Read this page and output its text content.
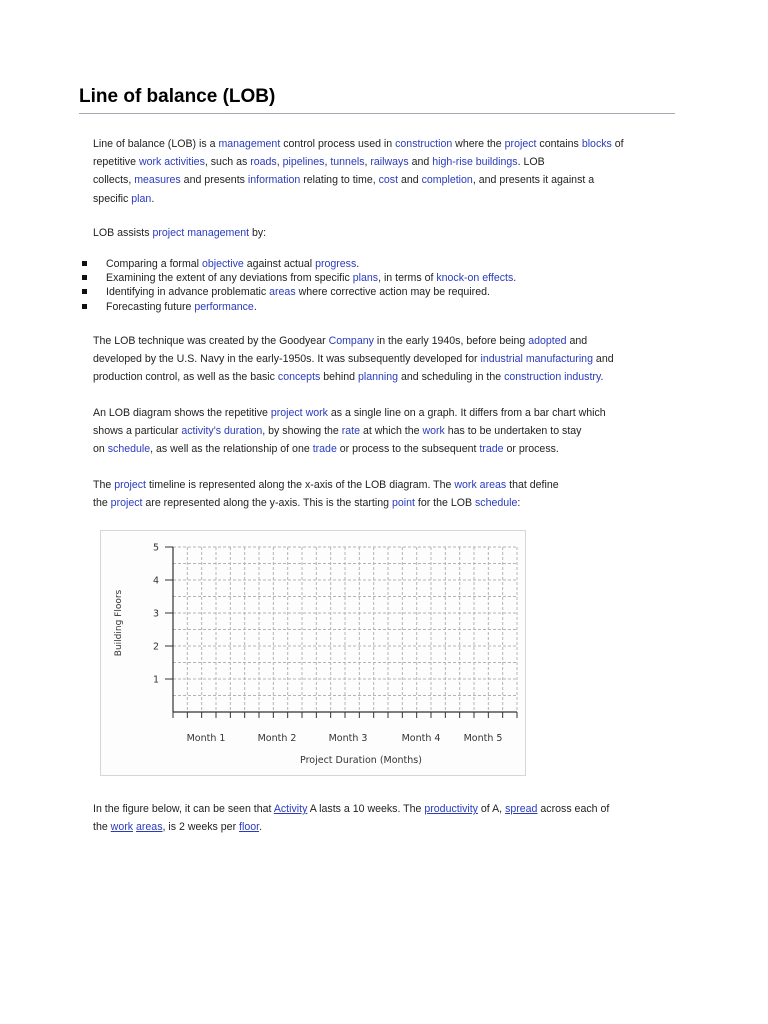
Line of balance (LOB)

Line of balance (LOB) is a management control process used in construction where the project contains blocks of
repetitive work activities, such as roads, pipelines, tunnels, railways and high-rise buildings. LOB
collects, measures and presents information relating to time, cost and completion, and presents it against a
specific plan.

LOB assists project management by:

Comparing a formal objective against actual progress.
Examining the extent of any deviations from specific plans, in terms of knock-on effects.
Identifying in advance problematic areas where corrective action may be required.
Forecasting future performance.

The LOB technique was created by the Goodyear Company in the early 1940s, before being adopted and
developed by the U.S. Navy in the early-1950s. It was subsequently developed for industrial manufacturing and
production control, as well as the basic concepts behind planning and scheduling in the construction industry.

An LOB diagram shows the repetitive project work as a single line on a graph. It differs from a bar chart which
shows a particular activity's duration, by showing the rate at which the work has to be undertaken to stay
on schedule, as well as the relationship of one trade or process to the subsequent trade or process.

The project timeline is represented along the x-axis of the LOB diagram. The work areas that define
the project are represented along the y-axis. This is the starting point for the LOB schedule:

1
2
3
4
5
Month 1	Month 2	Month 3	Month 4 Month 5
Project Duration (Months)
Building Floors

In the figure below, it can be seen that Activity A lasts a 10 weeks. The productivity of A, spread across each of
the work areas, is 2 weeks per floor.
